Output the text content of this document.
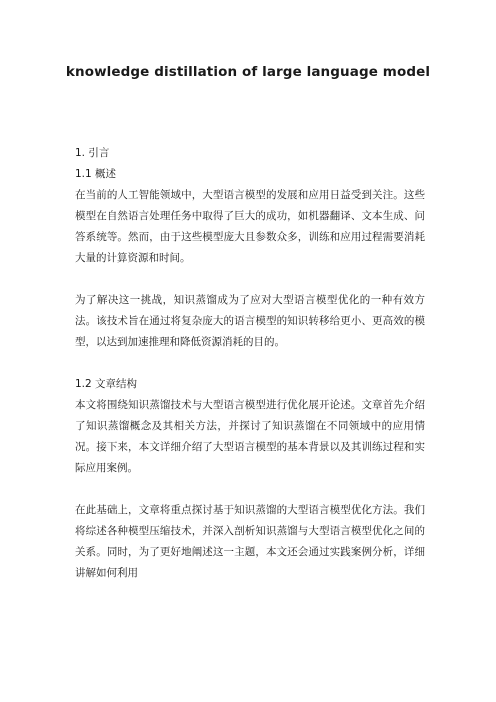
knowledge distillation of large language model
1. 引言
1.1 概述

在当前的人工智能领域中，大型语言模型的发展和应用日益受到关注。这些模型在自然语言处理任务中取得了巨大的成功，如机器翻译、文本生成、问答系统等。然而，由于这些模型庞大且参数众多，训练和应用过程需要消耗大量的计算资源和时间。

为了解决这一挑战，知识蒸馏成为了应对大型语言模型优化的一种有效方法。该技术旨在通过将复杂庞大的语言模型的知识转移给更小、更高效的模型，以达到加速推理和降低资源消耗的目的。

1.2 文章结构

本文将围绕知识蒸馏技术与大型语言模型进行优化展开论述。文章首先介绍了知识蒸馏概念及其相关方法，并探讨了知识蒸馏在不同领域中的应用情况。接下来，本文详细介绍了大型语言模型的基本背景以及其训练过程和实际应用案例。

在此基础上，文章将重点探讨基于知识蒸馏的大型语言模型优化方法。我们将综述各种模型压缩技术，并深入剖析知识蒸馏与大型语言模型优化之间的关系。同时，为了更好地阐述这一主题，本文还会通过实践案例分析，详细讲解如何利用
